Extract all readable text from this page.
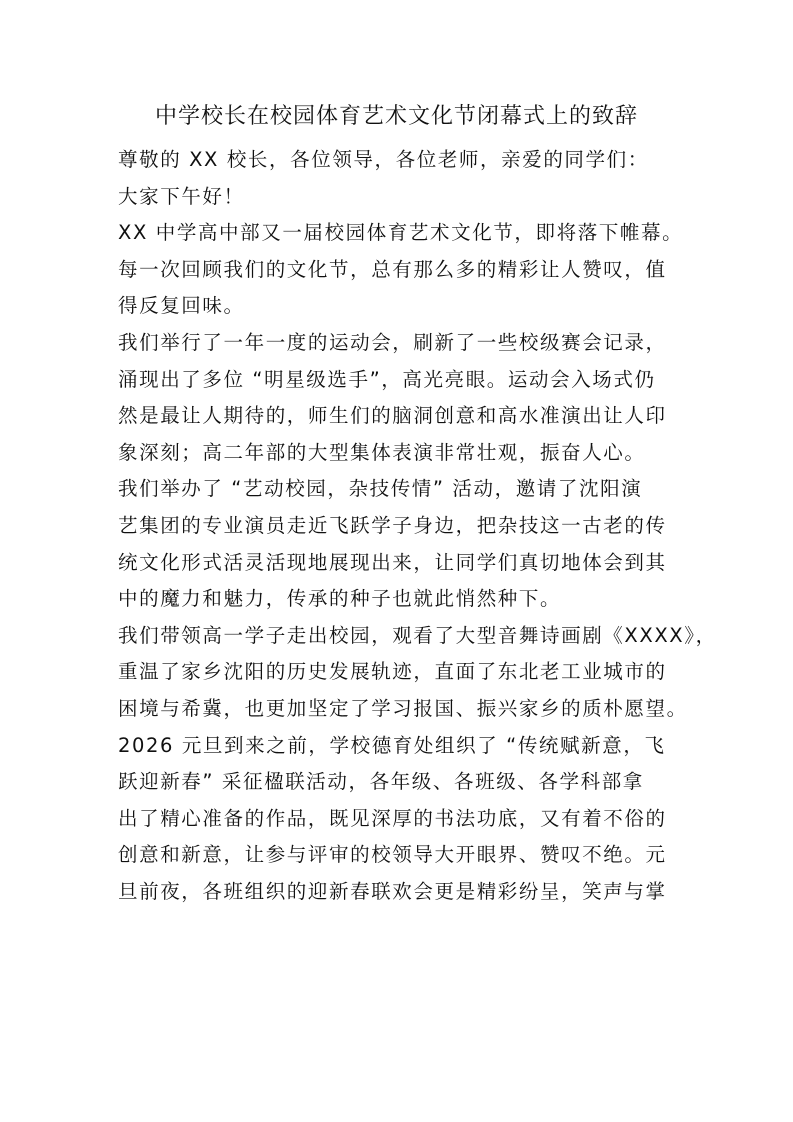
中学校长在校园体育艺术文化节闭幕式上的致辞
尊敬的 XX 校长，各位领导，各位老师，亲爱的同学们：
大家下午好！
XX 中学高中部又一届校园体育艺术文化节，即将落下帷幕。
每一次回顾我们的文化节，总有那么多的精彩让人赞叹，值
得反复回味。
我们举行了一年一度的运动会，刷新了一些校级赛会记录，
涌现出了多位 “明星级选手”，高光亮眼。运动会入场式仍
然是最让人期待的，师生们的脑洞创意和高水准演出让人印
象深刻；高二年部的大型集体表演非常壮观，振奋人心。
我们举办了 “艺动校园，杂技传情” 活动，邀请了沈阳演
艺集团的专业演员走近飞跃学子身边，把杂技这一古老的传
统文化形式活灵活现地展现出来，让同学们真切地体会到其
中的魔力和魅力，传承的种子也就此悄然种下。
我们带领高一学子走出校园，观看了大型音舞诗画剧《XXXX》，
重温了家乡沈阳的历史发展轨迹，直面了东北老工业城市的
困境与希冀，也更加坚定了学习报国、振兴家乡的质朴愿望。
2026 元旦到来之前，学校德育处组织了 “传统赋新意，飞
跃迎新春” 采征楹联活动，各年级、各班级、各学科部拿
出了精心准备的作品，既见深厚的书法功底，又有着不俗的
创意和新意，让参与评审的校领导大开眼界、赞叹不绝。元
旦前夜，各班组织的迎新春联欢会更是精彩纷呈，笑声与掌
